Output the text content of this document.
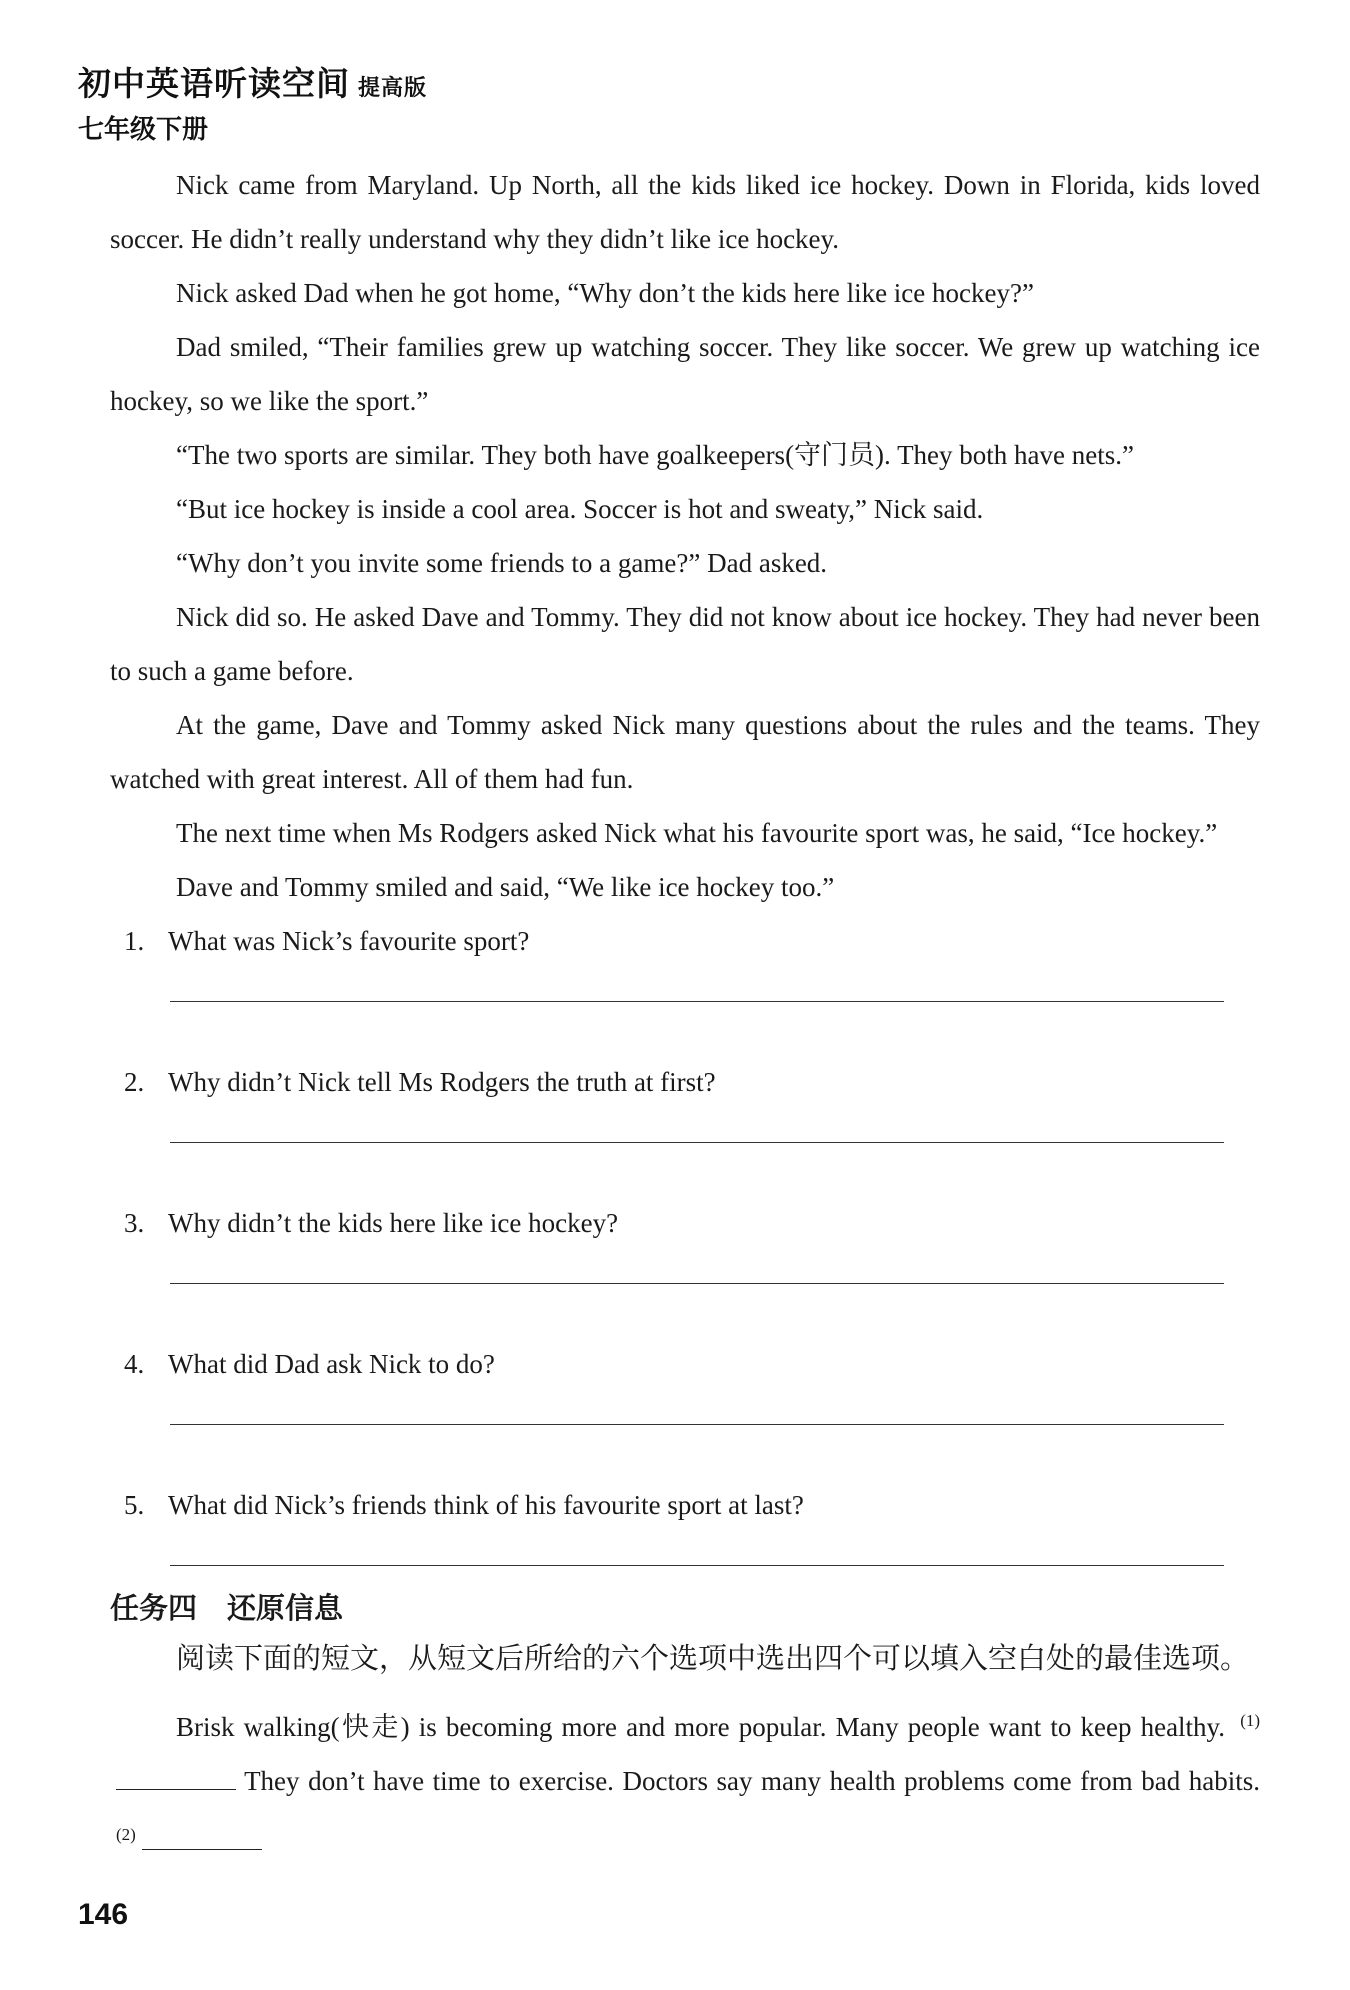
初中英语听读空间 提高版
七年级下册

Nick came from Maryland. Up North, all the kids liked ice hockey. Down in Florida, kids loved soccer. He didn’t really understand why they didn’t like ice hockey.

Nick asked Dad when he got home, “Why don’t the kids here like ice hockey?”

Dad smiled, “Their families grew up watching soccer. They like soccer. We grew up watching ice hockey, so we like the sport.”

“The two sports are similar. They both have goalkeepers(守门员). They both have nets.”

“But ice hockey is inside a cool area. Soccer is hot and sweaty,” Nick said.

“Why don’t you invite some friends to a game?” Dad asked.

Nick did so. He asked Dave and Tommy. They did not know about ice hockey. They had never been to such a game before.

At the game, Dave and Tommy asked Nick many questions about the rules and the teams. They watched with great interest. All of them had fun.

The next time when Ms Rodgers asked Nick what his favourite sport was, he said, “Ice hockey.”

Dave and Tommy smiled and said, “We like ice hockey too.”

1. What was Nick’s favourite sport?
2. Why didn’t Nick tell Ms Rodgers the truth at first?
3. Why didn’t the kids here like ice hockey?
4. What did Dad ask Nick to do?
5. What did Nick’s friends think of his favourite sport at last?
任务四 还原信息

阅读下面的短文，从短文后所给的六个选项中选出四个可以填入空白处的最佳选项。

Brisk walking(快走) is becoming more and more popular. Many people want to keep healthy. $^{(1)}$ They don’t have time to exercise. Doctors say many health problems come from bad habits. $^{(2)}$

146
